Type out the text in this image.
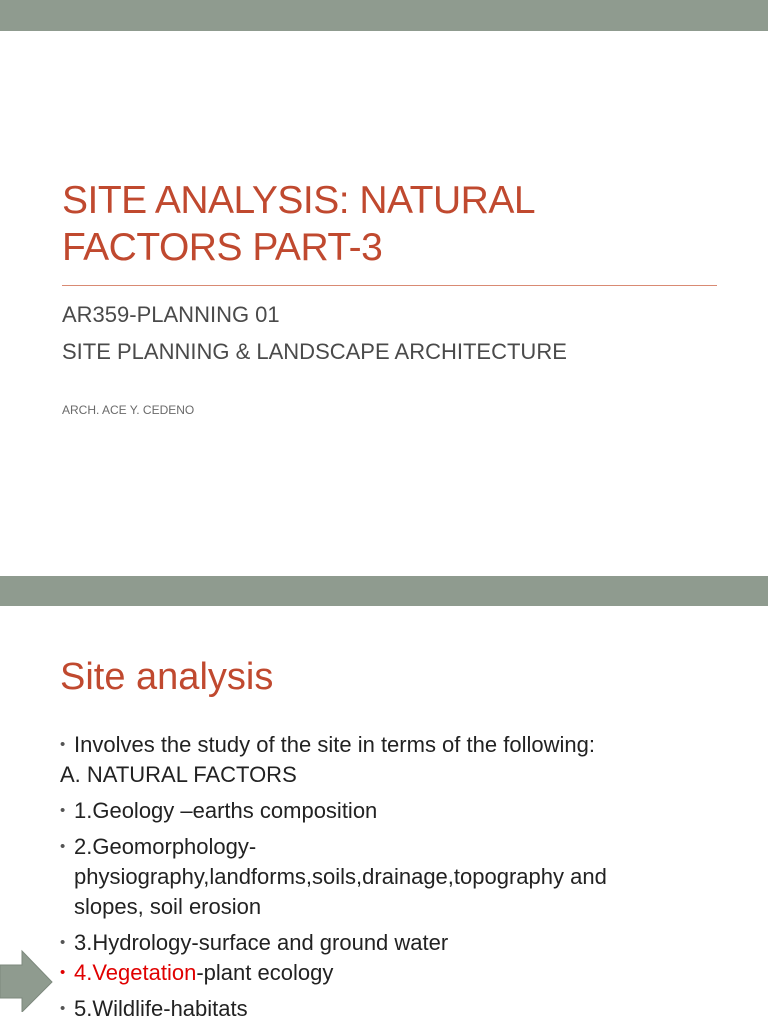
SITE ANALYSIS: NATURAL
FACTORS PART-3
AR359-PLANNING 01
SITE PLANNING & LANDSCAPE ARCHITECTURE
ARCH. ACE Y. CEDENO
Site analysis
• Involves the study of the site in terms of the following:
A. NATURAL FACTORS
• 1.Geology –earths composition
• 2.Geomorphology-
physiography,landforms,soils,drainage,topography and
slopes, soil erosion
• 3.Hydrology-surface and ground water
• 4.Vegetation-plant ecology
• 5.Wildlife-habitats
